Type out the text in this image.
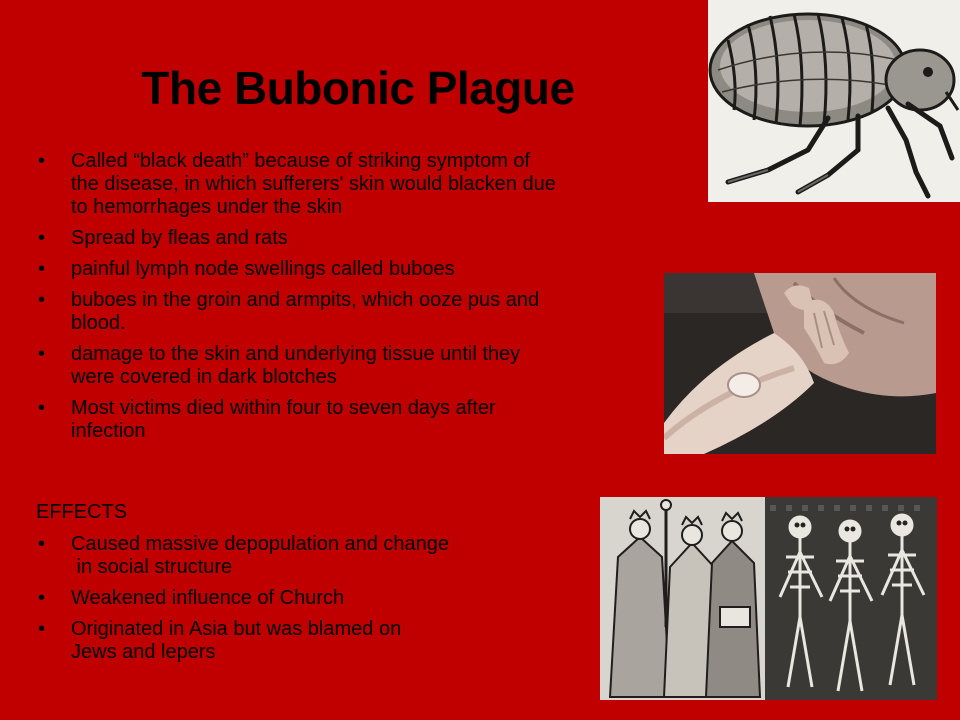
The Bubonic Plague
•	Called “black death” because of striking symptom of
the disease, in which sufferers' skin would blacken due
to hemorrhages under the skin
•	Spread by fleas and rats
•	painful lymph node swellings called buboes
•	buboes in the groin and armpits, which ooze pus and
blood.
•	damage to the skin and underlying tissue until they
were covered in dark blotches
•	Most victims died within four to seven days after
infection
EFFECTS
•	Caused massive depopulation and change
in social structure
•	Weakened influence of Church
•	Originated in Asia but was blamed on
Jews and lepers
